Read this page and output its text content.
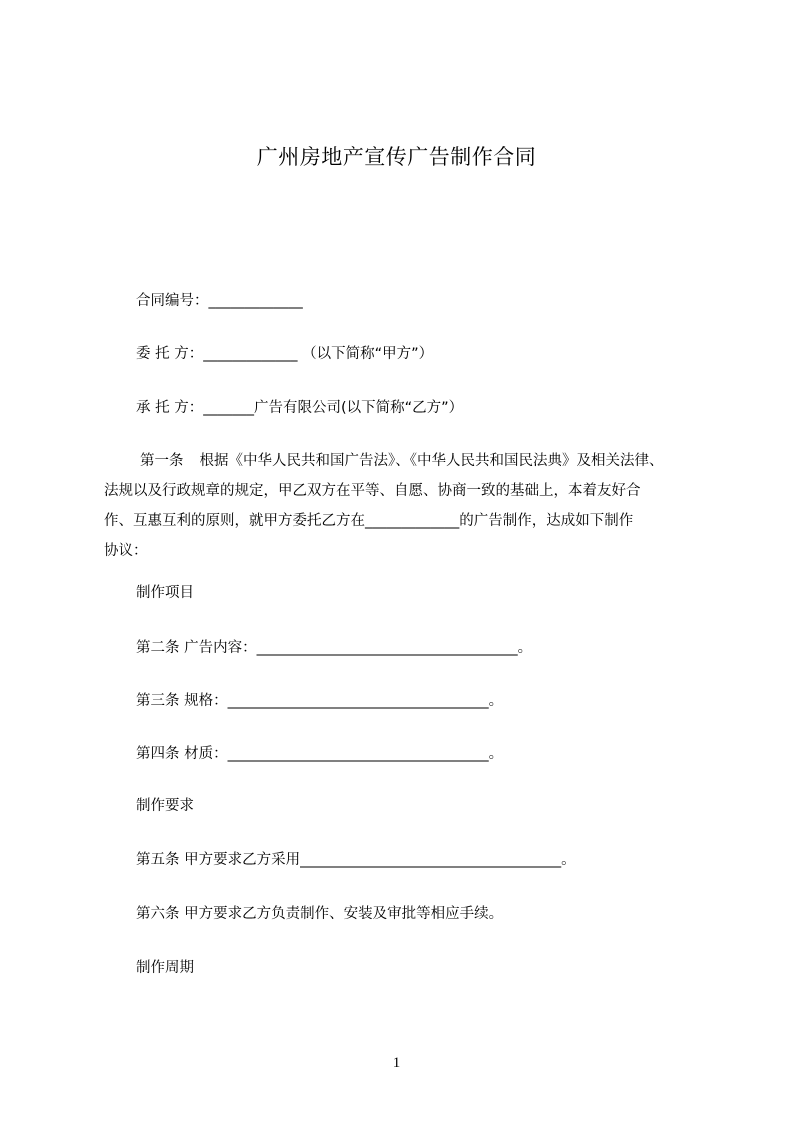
广州房地产宣传广告制作合同
合同编号：_____________
委 托 方：_____________ （以下简称“甲方”）
承 托 方：_______广告有限公司(以下简称“乙方”）
第一条 根据《中华人民共和国广告法》、《中华人民共和国民法典》及相关法律、
法规以及行政规章的规定，甲乙双方在平等、自愿、协商一致的基础上，本着友好合
作、互惠互利的原则，就甲方委托乙方在_____________的广告制作，达成如下制作
协议：
制作项目
第二条 广告内容：____________________________________。
第三条 规格：____________________________________。
第四条 材质：____________________________________。
制作要求
第五条 甲方要求乙方采用____________________________________。
第六条 甲方要求乙方负责制作、安装及审批等相应手续。
制作周期
1
